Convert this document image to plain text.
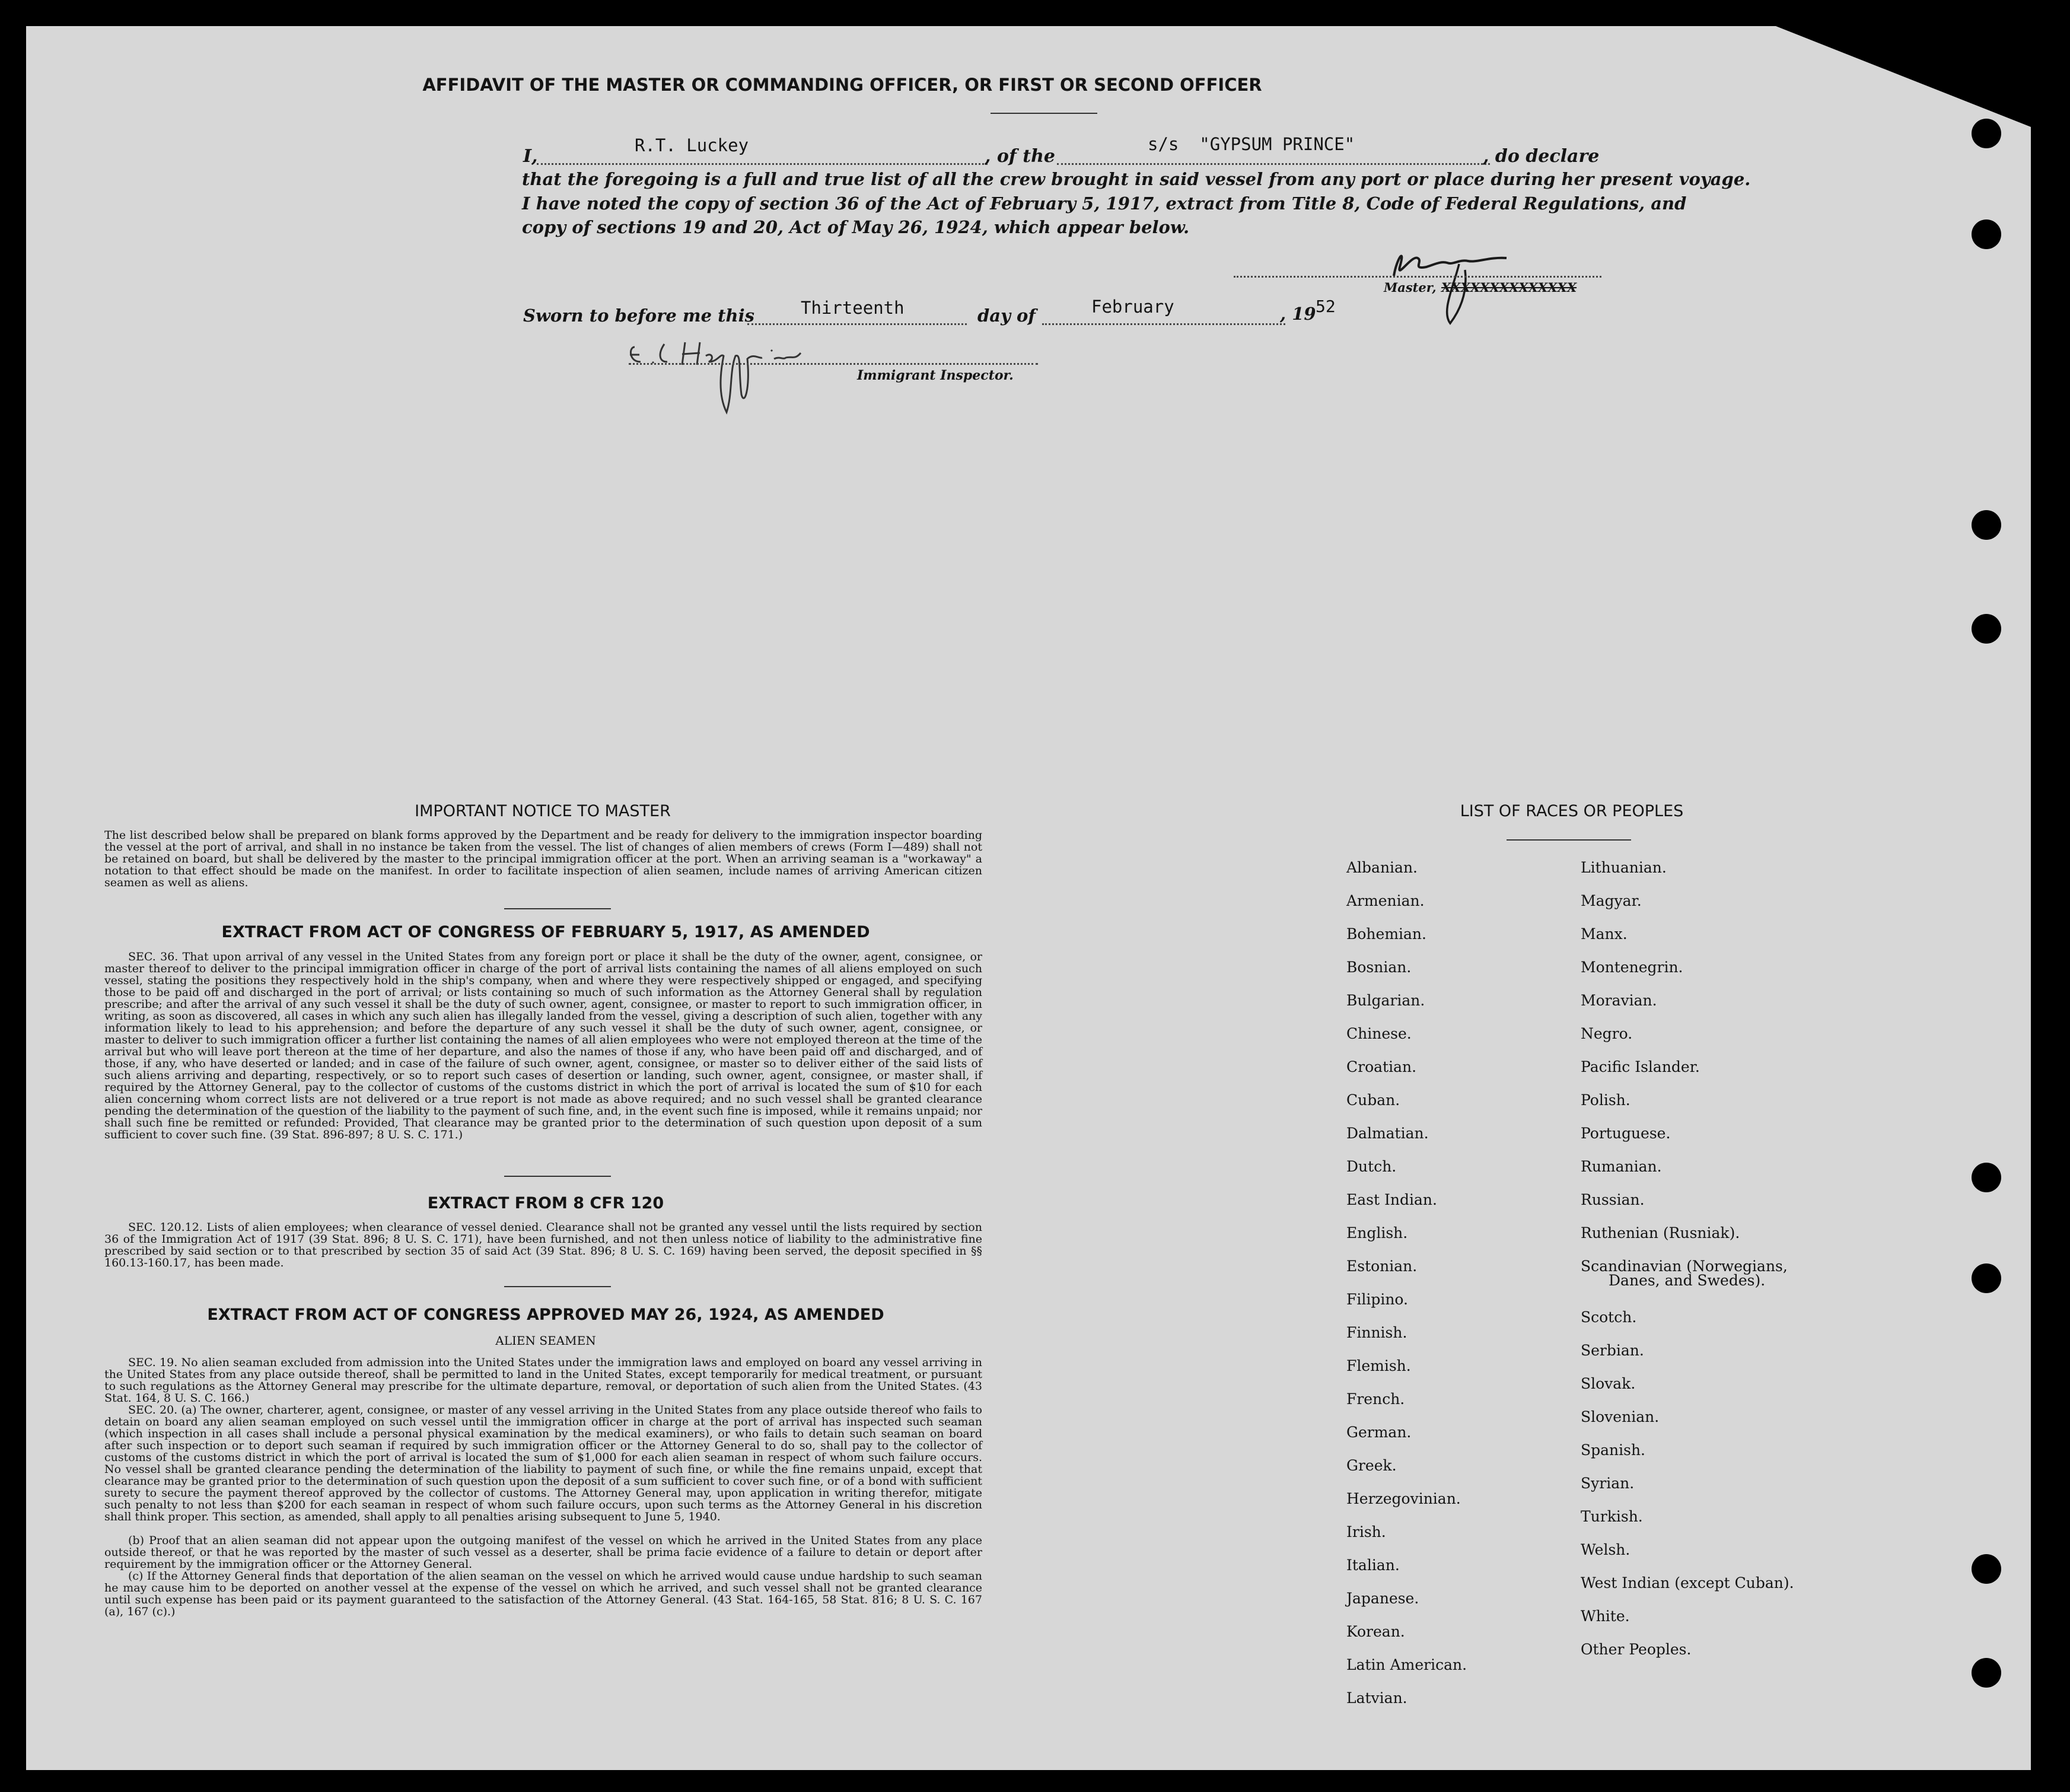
AFFIDAVIT OF THE MASTER OR COMMANDING OFFICER, OR FIRST OR SECOND OFFICER
I,
R.T. Luckey
, of the
s/s  "GYPSUM PRINCE"
, do declare
that the foregoing is a full and true list of all the crew brought in said vessel from any port or place during her present voyage.
I have noted the copy of section 36 of the Act of February 5, 1917, extract from Title 8, Code of Federal Regulations, and
copy of sections 19 and 20, Act of May 26, 1924, which appear below.
Master, XXXXXXXXXXXXXX
Sworn to before me this	Thirteenth	day of	February	, 19 52
Immigrant Inspector.
IMPORTANT NOTICE TO MASTER
The list described below shall be prepared on blank forms approved by the Department and be ready for delivery to the immigration inspector boarding the vessel at the port of arrival, and shall in no instance be taken from the vessel. The list of changes of alien members of crews (Form I—489) shall not be retained on board, but shall be delivered by the master to the principal immigration officer at the port. When an arriving seaman is a "workaway" a notation to that effect should be made on the manifest. In order to facilitate inspection of alien seamen, include names of arriving American citizen seamen as well as aliens.
EXTRACT FROM ACT OF CONGRESS OF FEBRUARY 5, 1917, AS AMENDED
SEC. 36. That upon arrival of any vessel in the United States from any foreign port or place it shall be the duty of the owner, agent, consignee, or master thereof to deliver to the principal immigration officer in charge of the port of arrival lists containing the names of all aliens employed on such vessel, stating the positions they respectively hold in the ship's company, when and where they were respectively shipped or engaged, and specifying those to be paid off and discharged in the port of arrival; or lists containing so much of such information as the Attorney General shall by regulation prescribe; and after the arrival of any such vessel it shall be the duty of such owner, agent, consignee, or master to report to such immigration officer, in writing, as soon as discovered, all cases in which any such alien has illegally landed from the vessel, giving a description of such alien, together with any information likely to lead to his apprehension; and before the departure of any such vessel it shall be the duty of such owner, agent, consignee, or master to deliver to such immigration officer a further list containing the names of all alien employees who were not employed thereon at the time of the arrival but who will leave port thereon at the time of her departure, and also the names of those if any, who have been paid off and discharged, and of those, if any, who have deserted or landed; and in case of the failure of such owner, agent, consignee, or master so to deliver either of the said lists of such aliens arriving and departing, respectively, or so to report such cases of desertion or landing, such owner, agent, consignee, or master shall, if required by the Attorney General, pay to the collector of customs of the customs district in which the port of arrival is located the sum of $10 for each alien concerning whom correct lists are not delivered or a true report is not made as above required; and no such vessel shall be granted clearance pending the determination of the question of the liability to the payment of such fine, and, in the event such fine is imposed, while it remains unpaid; nor shall such fine be remitted or refunded: Provided, That clearance may be granted prior to the determination of such question upon deposit of a sum sufficient to cover such fine. (39 Stat. 896-897; 8 U. S. C. 171.)
EXTRACT FROM 8 CFR 120
SEC. 120.12. Lists of alien employees; when clearance of vessel denied. Clearance shall not be granted any vessel until the lists required by section 36 of the Immigration Act of 1917 (39 Stat. 896; 8 U. S. C. 171), have been furnished, and not then unless notice of liability to the administrative fine prescribed by said section or to that prescribed by section 35 of said Act (39 Stat. 896; 8 U. S. C. 169) having been served, the deposit specified in §§ 160.13-160.17, has been made.
EXTRACT FROM ACT OF CONGRESS APPROVED MAY 26, 1924, AS AMENDED
ALIEN SEAMEN
SEC. 19. No alien seaman excluded from admission into the United States under the immigration laws and employed on board any vessel arriving in the United States from any place outside thereof, shall be permitted to land in the United States, except temporarily for medical treatment, or pursuant to such regulations as the Attorney General may prescribe for the ultimate departure, removal, or deportation of such alien from the United States. (43 Stat. 164, 8 U. S. C. 166.)
SEC. 20. (a) The owner, charterer, agent, consignee, or master of any vessel arriving in the United States from any place outside thereof who fails to detain on board any alien seaman employed on such vessel until the immigration officer in charge at the port of arrival has inspected such seaman (which inspection in all cases shall include a personal physical examination by the medical examiners), or who fails to detain such seaman on board after such inspection or to deport such seaman if required by such immigration officer or the Attorney General to do so, shall pay to the collector of customs of the customs district in which the port of arrival is located the sum of $1,000 for each alien seaman in respect of whom such failure occurs. No vessel shall be granted clearance pending the determination of the liability to payment of such fine, or while the fine remains unpaid, except that clearance may be granted prior to the determination of such question upon the deposit of a sum sufficient to cover such fine, or of a bond with sufficient surety to secure the payment thereof approved by the collector of customs. The Attorney General may, upon application in writing therefor, mitigate such penalty to not less than $200 for each seaman in respect of whom such failure occurs, upon such terms as the Attorney General in his discretion shall think proper. This section, as amended, shall apply to all penalties arising subsequent to June 5, 1940.
(b) Proof that an alien seaman did not appear upon the outgoing manifest of the vessel on which he arrived in the United States from any place outside thereof, or that he was reported by the master of such vessel as a deserter, shall be prima facie evidence of a failure to detain or deport after requirement by the immigration officer or the Attorney General.
(c) If the Attorney General finds that deportation of the alien seaman on the vessel on which he arrived would cause undue hardship to such seaman he may cause him to be deported on another vessel at the expense of the vessel on which he arrived, and such vessel shall not be granted clearance until such expense has been paid or its payment guaranteed to the satisfaction of the Attorney General. (43 Stat. 164-165, 58 Stat. 816; 8 U. S. C. 167 (a), 167 (c).)
LIST OF RACES OR PEOPLES
Albanian.
Armenian.
Bohemian.
Bosnian.
Bulgarian.
Chinese.
Croatian.
Cuban.
Dalmatian.
Dutch.
East Indian.
English.
Estonian.
Filipino.
Finnish.
Flemish.
French.
German.
Greek.
Herzegovinian.
Irish.
Italian.
Japanese.
Korean.
Latin American.
Latvian.
Lithuanian.
Magyar.
Manx.
Montenegrin.
Moravian.
Negro.
Pacific Islander.
Polish.
Portuguese.
Rumanian.
Russian.
Ruthenian (Rusniak).
Scandinavian (Norwegians,
Danes, and Swedes).
Scotch.
Serbian.
Slovak.
Slovenian.
Spanish.
Syrian.
Turkish.
Welsh.
West Indian (except Cuban).
White.
Other Peoples.
